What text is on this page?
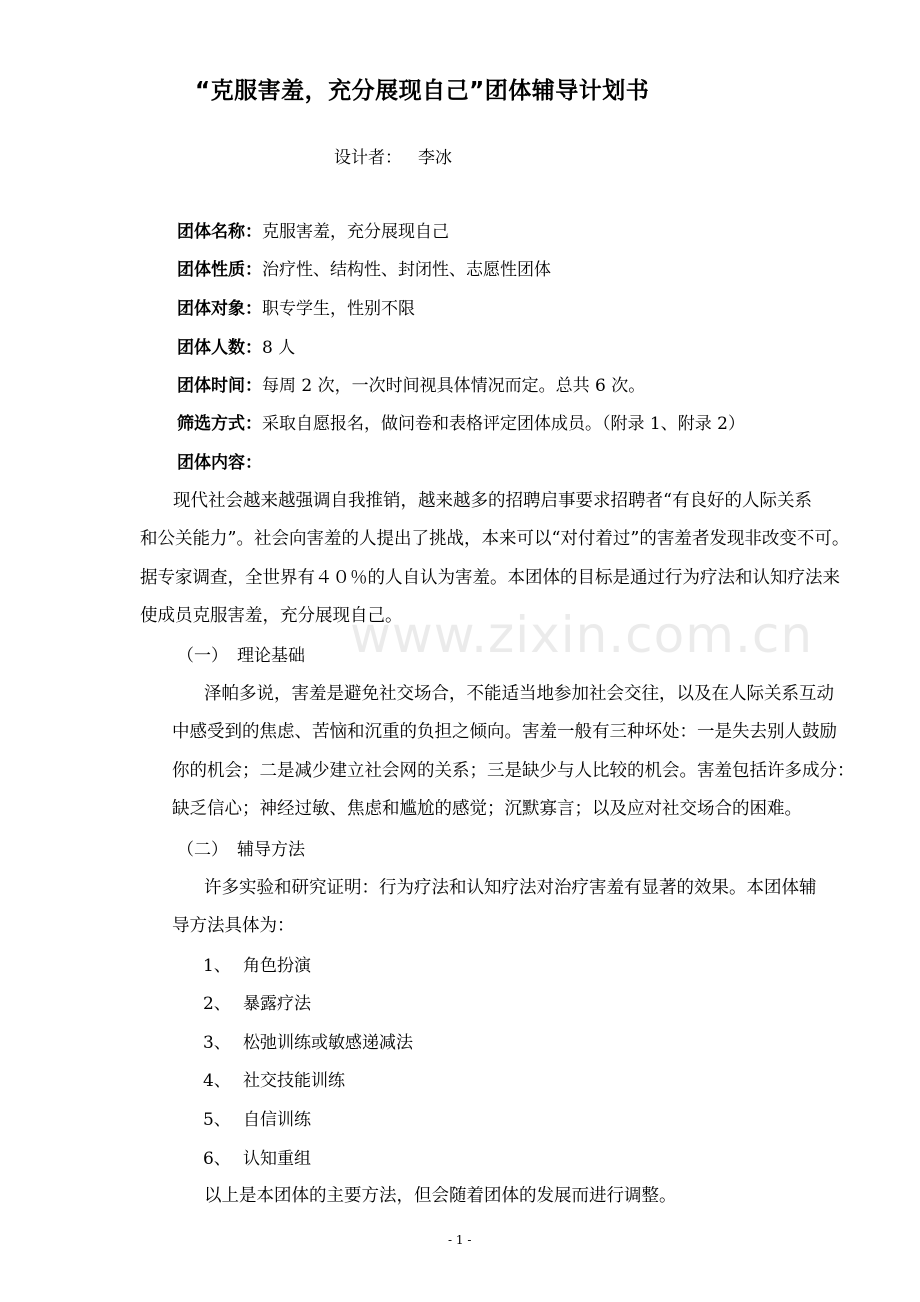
“克服害羞，充分展现自己”团体辅导计划书
设计者： 李冰
团体名称：克服害羞，充分展现自己
团体性质：治疗性、结构性、封闭性、志愿性团体
团体对象：职专学生，性别不限
团体人数：8 人
团体时间：每周 2 次，一次时间视具体情况而定。总共 6 次。
筛选方式：采取自愿报名，做问卷和表格评定团体成员。（附录 1、附录 2）
团体内容：
现代社会越来越强调自我推销，越来越多的招聘启事要求招聘者“有良好的人际关系
和公关能力”。社会向害羞的人提出了挑战，本来可以“对付着过”的害羞者发现非改变不可。
据专家调查，全世界有４０％的人自认为害羞。本团体的目标是通过行为疗法和认知疗法来
使成员克服害羞，充分展现自己。
www.zixin.com.cn
（一） 理论基础
泽帕多说，害羞是避免社交场合，不能适当地参加社会交往，以及在人际关系互动
中感受到的焦虑、苦恼和沉重的负担之倾向。害羞一般有三种坏处：一是失去别人鼓励
你的机会；二是减少建立社会网的关系；三是缺少与人比较的机会。害羞包括许多成分：
缺乏信心；神经过敏、焦虑和尴尬的感觉；沉默寡言；以及应对社交场合的困难。
（二） 辅导方法
许多实验和研究证明：行为疗法和认知疗法对治疗害羞有显著的效果。本团体辅
导方法具体为：
1、 角色扮演
2、 暴露疗法
3、 松弛训练或敏感递减法
4、 社交技能训练
5、 自信训练
6、 认知重组
以上是本团体的主要方法，但会随着团体的发展而进行调整。
- 1 -
